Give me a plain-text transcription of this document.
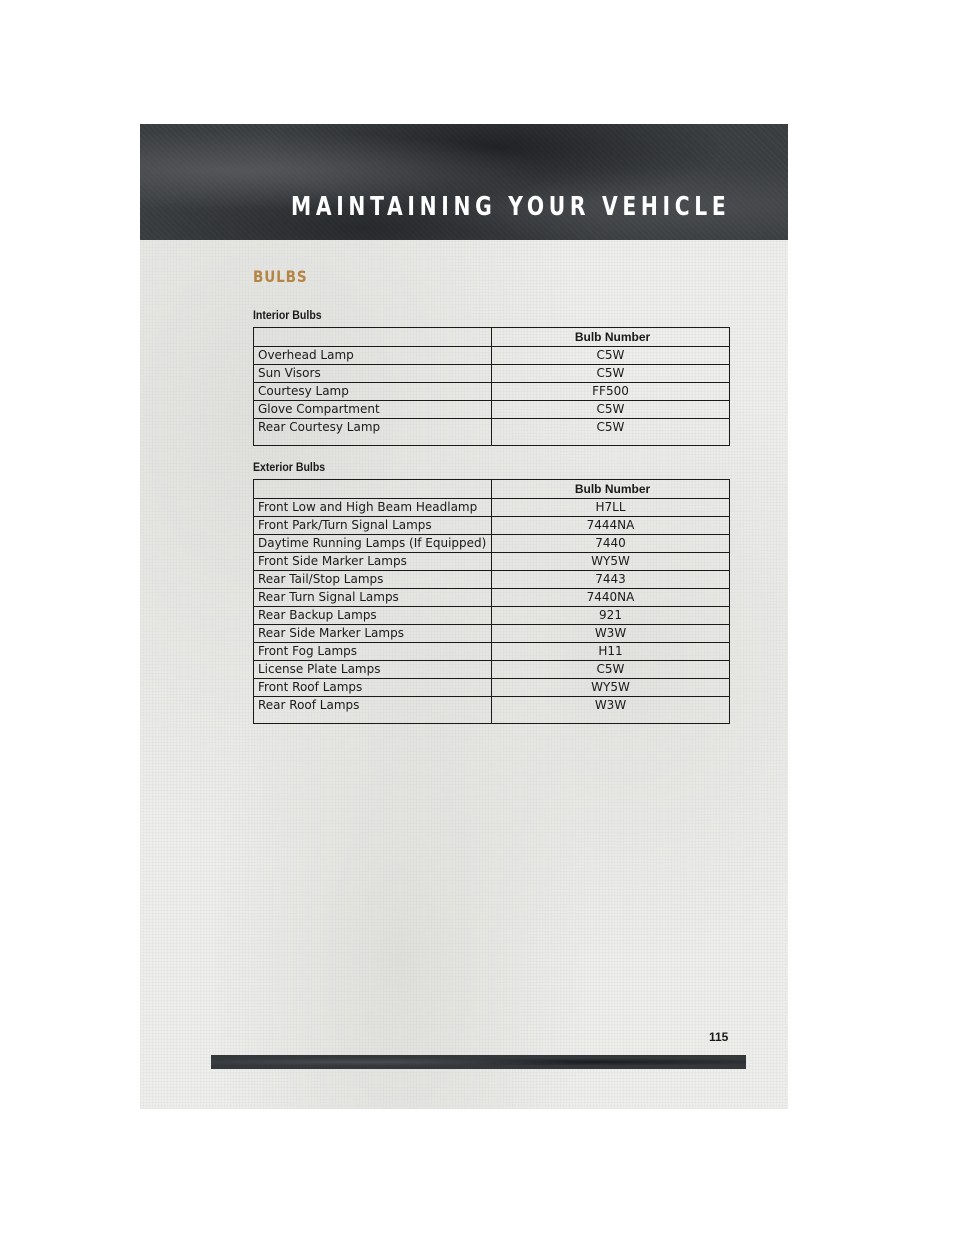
MAINTAINING YOUR VEHICLE
BULBS
Interior Bulbs
	Bulb Number
Overhead Lamp	C5W
Sun Visors	C5W
Courtesy Lamp	FF500
Glove Compartment	C5W
Rear Courtesy Lamp	C5W
Exterior Bulbs
	Bulb Number
Front Low and High Beam Headlamp	H7LL
Front Park/Turn Signal Lamps	7444NA
Daytime Running Lamps (If Equipped)	7440
Front Side Marker Lamps	WY5W
Rear Tail/Stop Lamps	7443
Rear Turn Signal Lamps	7440NA
Rear Backup Lamps	921
Rear Side Marker Lamps	W3W
Front Fog Lamps	H11
License Plate Lamps	C5W
Front Roof Lamps	WY5W
Rear Roof Lamps	W3W
115
